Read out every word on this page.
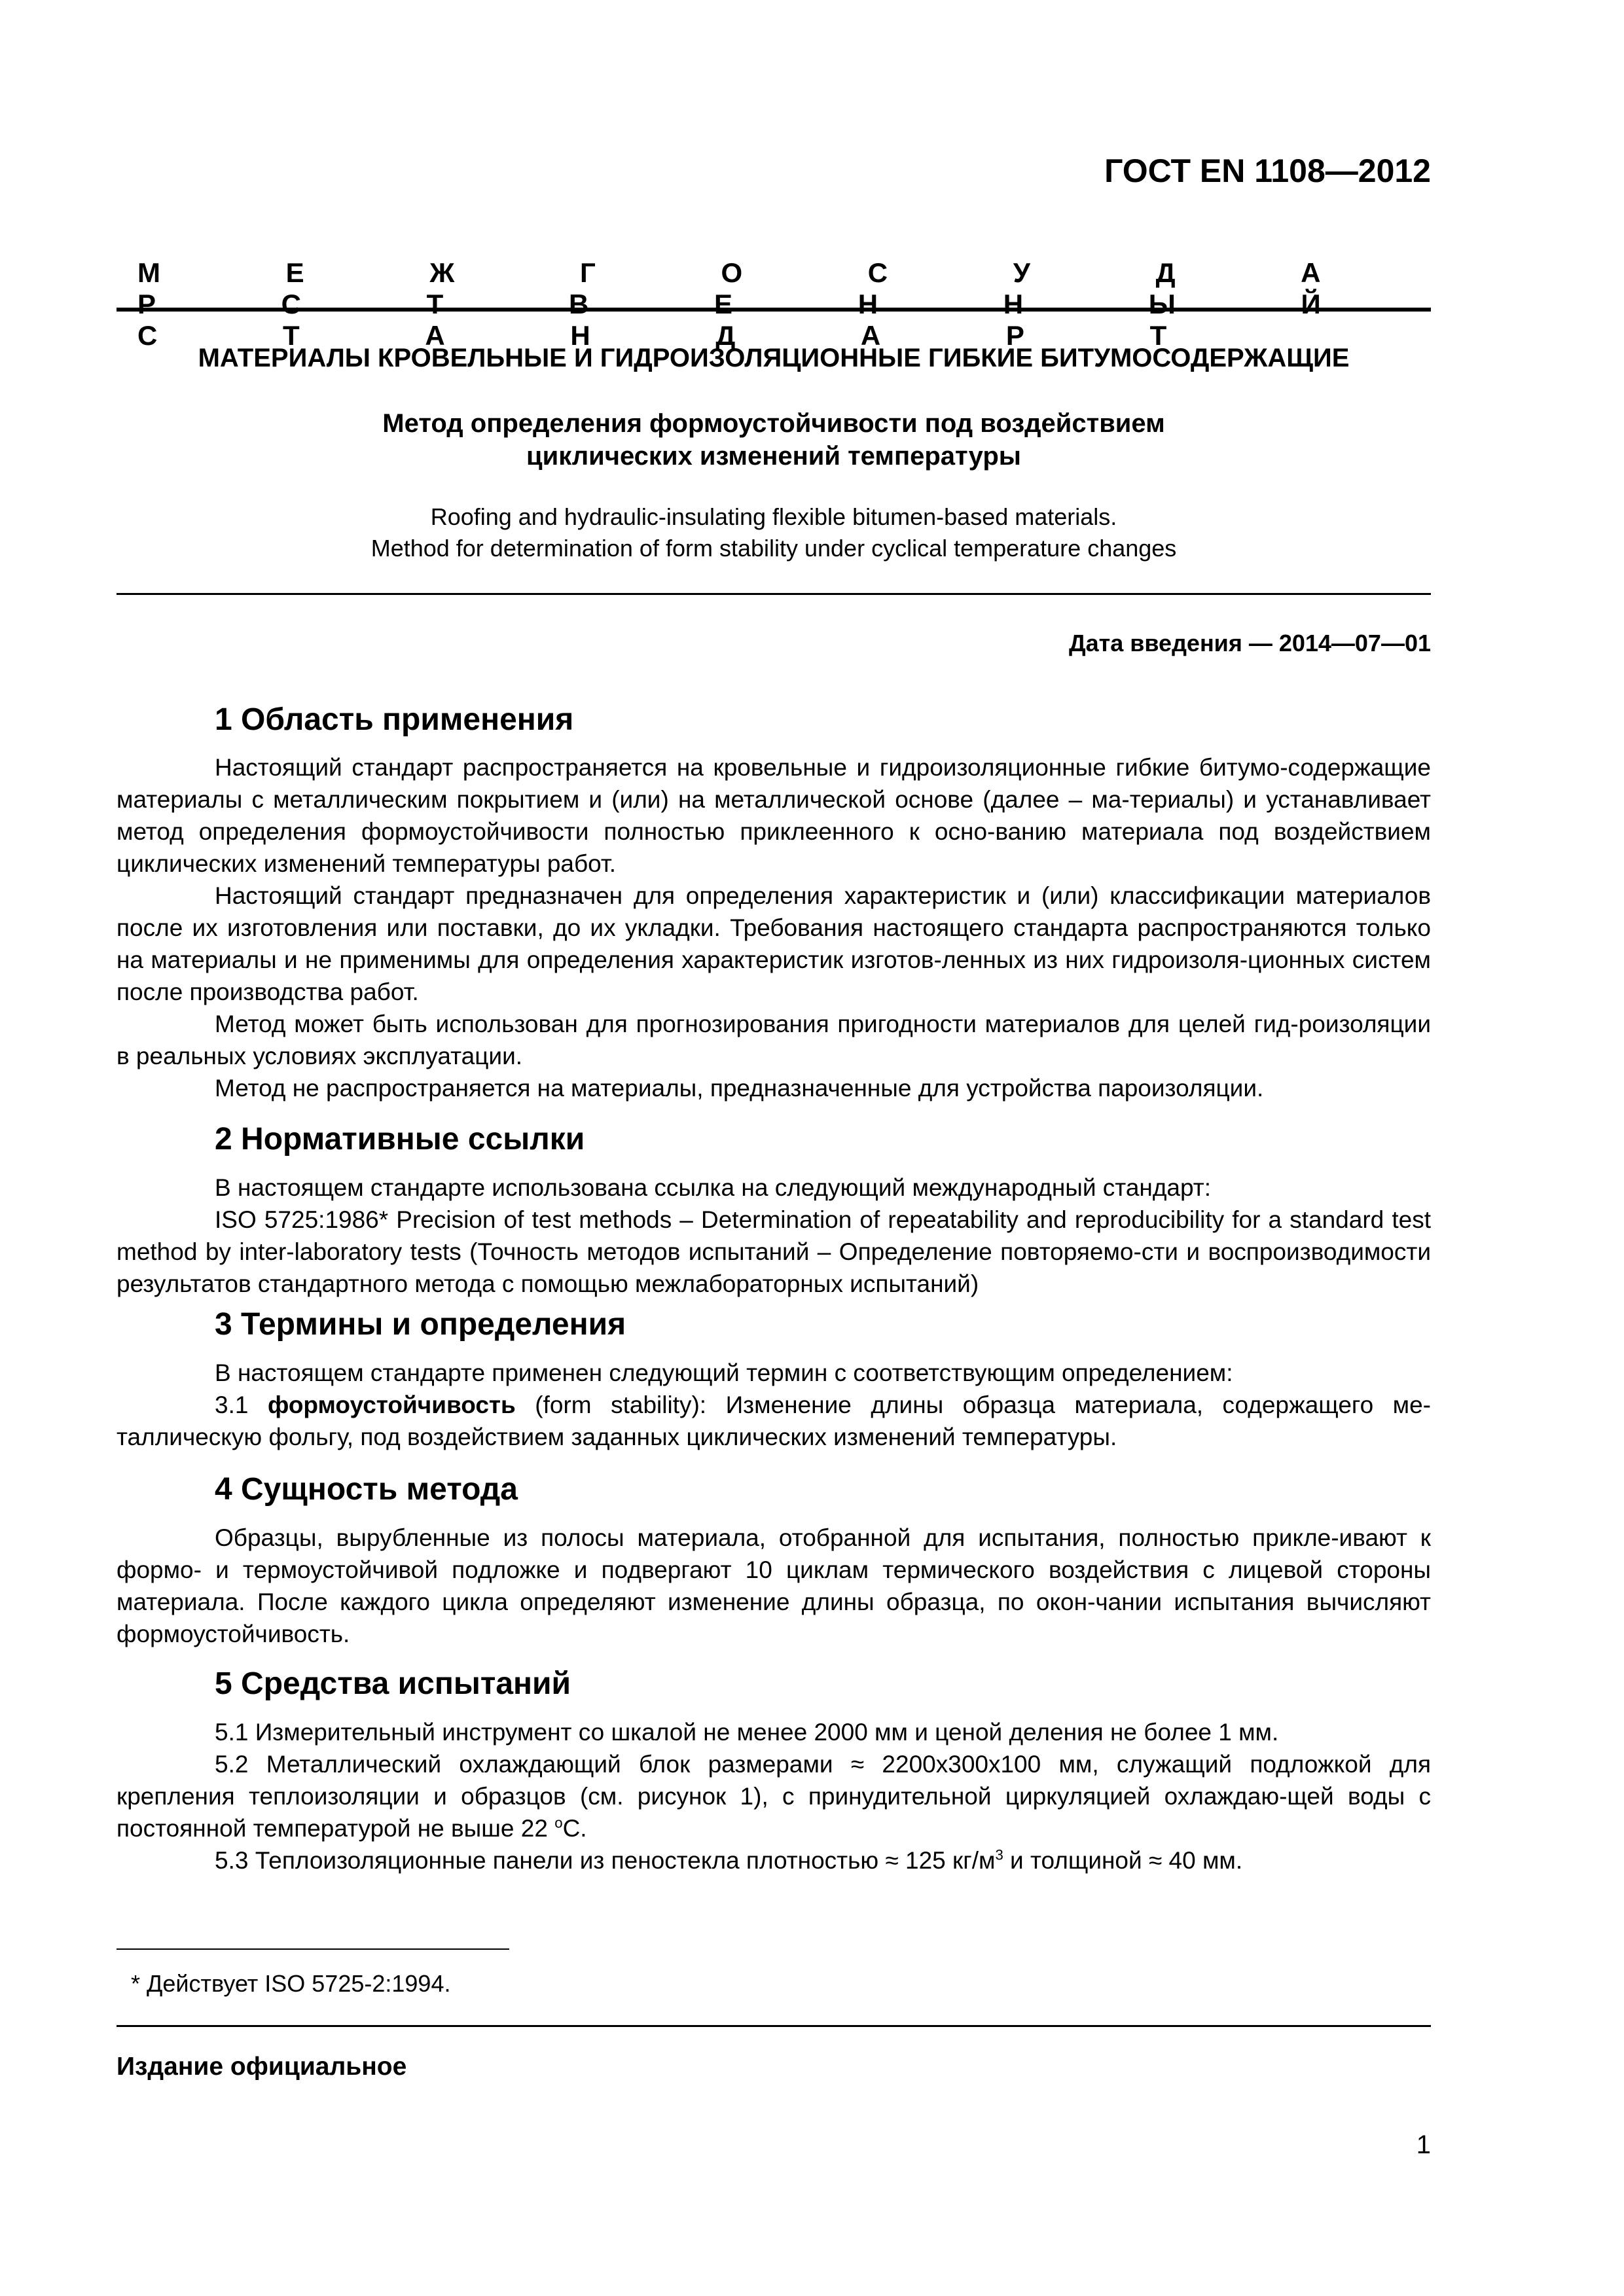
ГОСТ EN 1108—2012
М Е Ж Г О С У Д А Р С Т В Е Н Н Ы Й С Т А Н Д А Р Т
МАТЕРИАЛЫ КРОВЕЛЬНЫЕ И ГИДРОИЗОЛЯЦИОННЫЕ ГИБКИЕ БИТУМОСОДЕРЖАЩИЕ
Метод определения формоустойчивости под воздействием
циклических изменений температуры
Roofing and hydraulic-insulating flexible bitumen-based materials.
Method for determination of form stability under cyclical temperature changes
Дата введения — 2014—07—01
1 Область применения

Настоящий стандарт распространяется на кровельные и гидроизоляционные гибкие битумо-содержащие материалы с металлическим покрытием и (или) на металлической основе (далее – ма-териалы) и устанавливает метод определения формоустойчивости полностью приклеенного к осно-ванию материала под воздействием циклических изменений температуры работ.

Настоящий стандарт предназначен для определения характеристик и (или) классификации материалов после их изготовления или поставки, до их укладки. Требования настоящего стандарта распространяются только на материалы и не применимы для определения характеристик изготов-ленных из них гидроизоля-ционных систем после производства работ.

Метод может быть использован для прогнозирования пригодности материалов для целей гид-роизоляции в реальных условиях эксплуатации.

Метод не распространяется на материалы, предназначенные для устройства пароизоляции.

2 Нормативные ссылки

В настоящем стандарте использована ссылка на следующий международный стандарт:

ISO 5725:1986* Precision of test methods – Determination of repeatability and reproducibility for a standard test method by inter-laboratory tests (Точность методов испытаний – Определение повторяемо-сти и воспроизводимости результатов стандартного метода с помощью межлабораторных испытаний)

3 Термины и определения

В настоящем стандарте применен следующий термин с соответствующим определением:

3.1 формоустойчивость (form stability): Изменение длины образца материала, содержащего ме-таллическую фольгу, под воздействием заданных циклических изменений температуры.

4 Сущность метода

Образцы, вырубленные из полосы материала, отобранной для испытания, полностью прикле-ивают к формо- и термоустойчивой подложке и подвергают 10 циклам термического воздействия с лицевой стороны материала. После каждого цикла определяют изменение длины образца, по окон-чании испытания вычисляют формоустойчивость.

5 Средства испытаний

5.1 Измерительный инструмент со шкалой не менее 2000 мм и ценой деления не более 1 мм.

5.2 Металлический охлаждающий блок размерами ≈ 2200х300х100 мм, служащий подложкой для крепления теплоизоляции и образцов (см. рисунок 1), с принудительной циркуляцией охлаждаю-щей воды с постоянной температурой не выше 22 $^o$С.

5.3 Теплоизоляционные панели из пеностекла плотностью ≈ 125 $кг/м^3$ и толщиной ≈ 40 мм.

* Действует ISO 5725-2:1994.
Издание официальное
1
